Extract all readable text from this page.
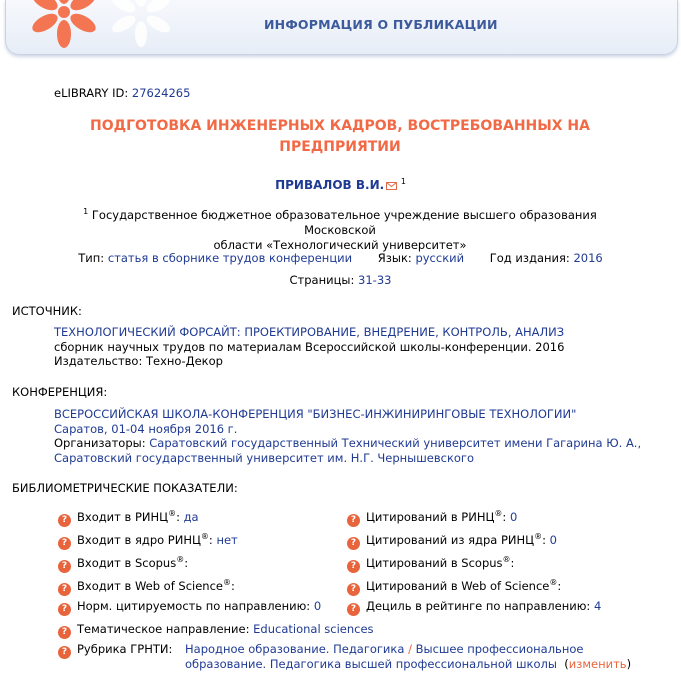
ИНФОРМАЦИЯ О ПУБЛИКАЦИИ
eLIBRARY ID: 27624265
ПОДГОТОВКА ИНЖЕНЕРНЫХ КАДРОВ, ВОСТРЕБОВАННЫХ НА
ПРЕДПРИЯТИИ
ПРИВАЛОВ В.И. $^1$
$^1$ Государственное бюджетное образовательное учреждение высшего образования Московской
области «Технологический университет»
Тип: статья в сборнике трудов конференции Язык: русский Год издания: 2016
Страницы: 31-33
ИСТОЧНИК:
ТЕХНОЛОГИЧЕСКИЙ ФОРСАЙТ: ПРОЕКТИРОВАНИЕ, ВНЕДРЕНИЕ, КОНТРОЛЬ, АНАЛИЗ
сборник научных трудов по материалам Всероссийской школы-конференции. 2016
Издательство: Техно-Декор
КОНФЕРЕНЦИЯ:
ВСЕРОССИЙСКАЯ ШКОЛА-КОНФЕРЕНЦИЯ "БИЗНЕС-ИНЖИНИРИНГОВЫЕ ТЕХНОЛОГИИ"
Саратов, 01-04 ноября 2016 г.
Организаторы: Саратовский государственный Технический университет имени Гагарина Ю. А.,
Саратовский государственный университет им. Н.Г. Чернышевского
БИБЛИОМЕТРИЧЕСКИЕ ПОКАЗАТЕЛИ:
? Входит в РИНЦ®: да
? Входит в ядро РИНЦ®: нет
? Входит в Scopus®:
? Входит в Web of Science®:
? Норм. цитируемость по направлению: 0
? Цитирований в РИНЦ®: 0
? Цитирований из ядра РИНЦ®: 0
? Цитирований в Scopus®:
? Цитирований в Web of Science®:
? Дециль в рейтинге по направлению: 4
? Тематическое направление: Educational sciences
? Рубрика ГРНТИ: Народное образование. Педагогика / Высшее профессиональное
образование. Педагогика высшей профессиональной школы  (изменить)
